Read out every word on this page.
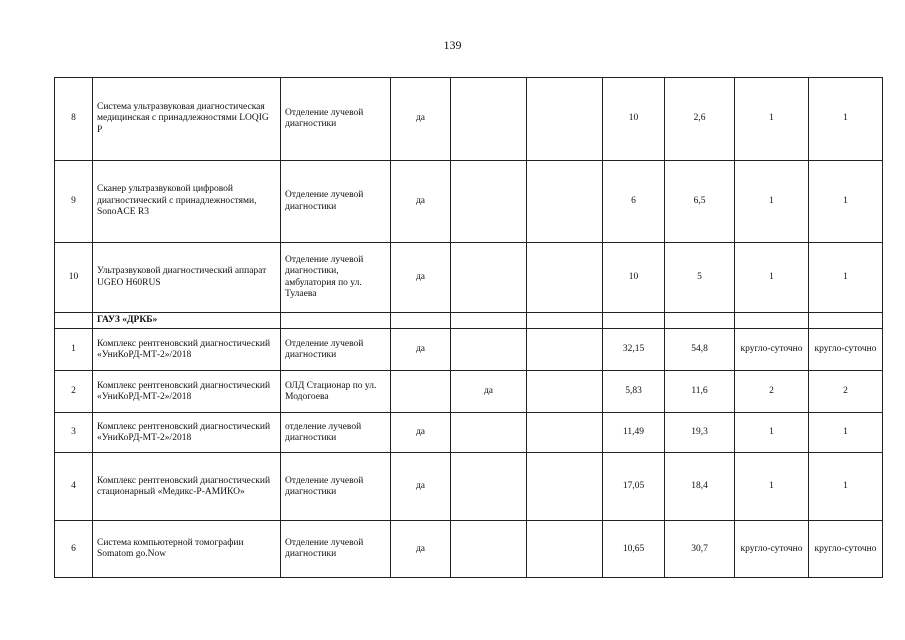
139
8	Система ультразвуковая диагностическая медицинская с принадлежностями LOQIG P	Отделение лучевой диагностики	да			10	2,6	1	1
9	Сканер ультразвуковой цифровой диагностический с принадлежностями, SonoACE R3	Отделение лучевой диагностики	да			6	6,5	1	1
10	Ультразвуковой диагностический аппарат UGEO H60RUS	Отделение лучевой диагностики, амбулатория по ул. Тулаева	да			10	5	1	1
	ГАУЗ «ДРКБ»								
1	Комплекс рентгеновский диагностический «УниКоРД-МТ-2»/2018	Отделение лучевой диагностики	да			32,15	54,8	кругло-суточно	кругло-суточно
2	Комплекс рентгеновский диагностический «УниКоРД-МТ-2»/2018	ОЛД Стационар по ул. Модогоева		да		5,83	11,6	2	2
3	Комплекс рентгеновский диагностический «УниКоРД-МТ-2»/2018	отделение лучевой диагностики	да			11,49	19,3	1	1
4	Комплекс рентгеновский диагностический стационарный «Медикс-Р-АМИКО»	Отделение лучевой диагностики	да			17,05	18,4	1	1
6	Система компьютерной томографии Somatom go.Now	Отделение лучевой диагностики	да			10,65	30,7	кругло-суточно	кругло-суточно
